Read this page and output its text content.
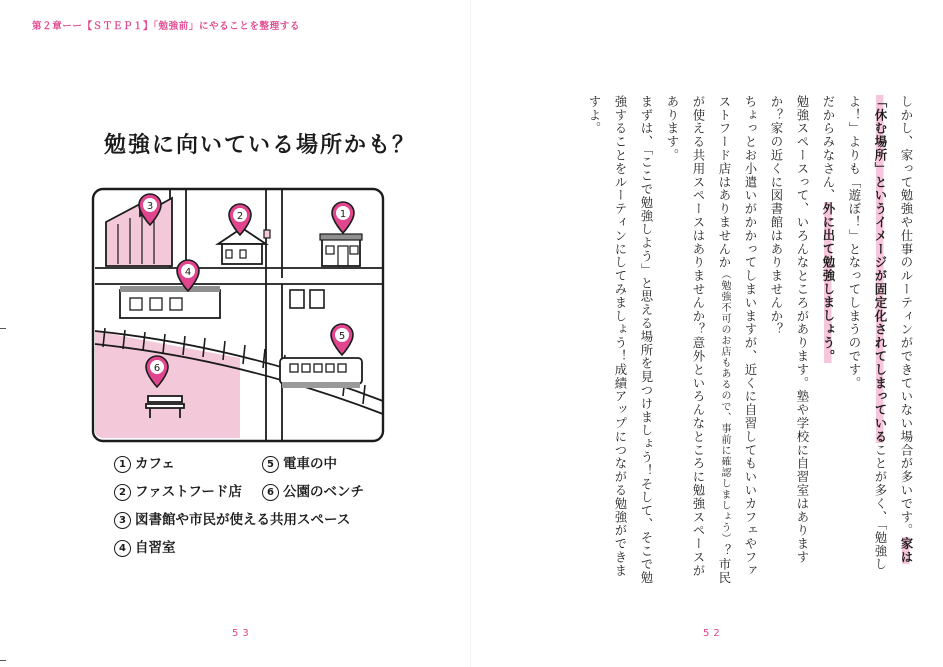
第２章ーー【ＳＴＥＰ１】「勉強前」にやることを整理する
勉強に向いている場所かも？
3
2	1
4
5
6
1 カフェ
2 ファストフード店
3 図書館や市民が使える共用スペース
4 自習室
5 電車の中
6 公園のベンチ
53

しかし、家って勉強や仕事のルーティンができていない場合が多いです。家は「休む場所」というイメージが固定化されてしまっていることが多く、「勉強しよ！」よりも「遊ぼ！」となってしまうのです。

だからみなさん、外に出て勉強しましょう。

勉強スペースって、いろんなところがあります。塾や学校に自習室はありますか？家の近くに図書館はありませんか？

ちょっとお小遣いがかかってしまいますが、近くに自習してもいいカフェやファストフード店はありませんか（勉強不可のお店もあるので、事前に確認しましょう）？市民が使える共用スペースはありませんか？意外といろんなところに勉強スペースがあります。

まずは、「ここで勉強しよう」と思える場所を見つけましょう！そして、そこで勉強することをルーティンにしてみましょう！成績アップにつながる勉強ができますよ。

52
